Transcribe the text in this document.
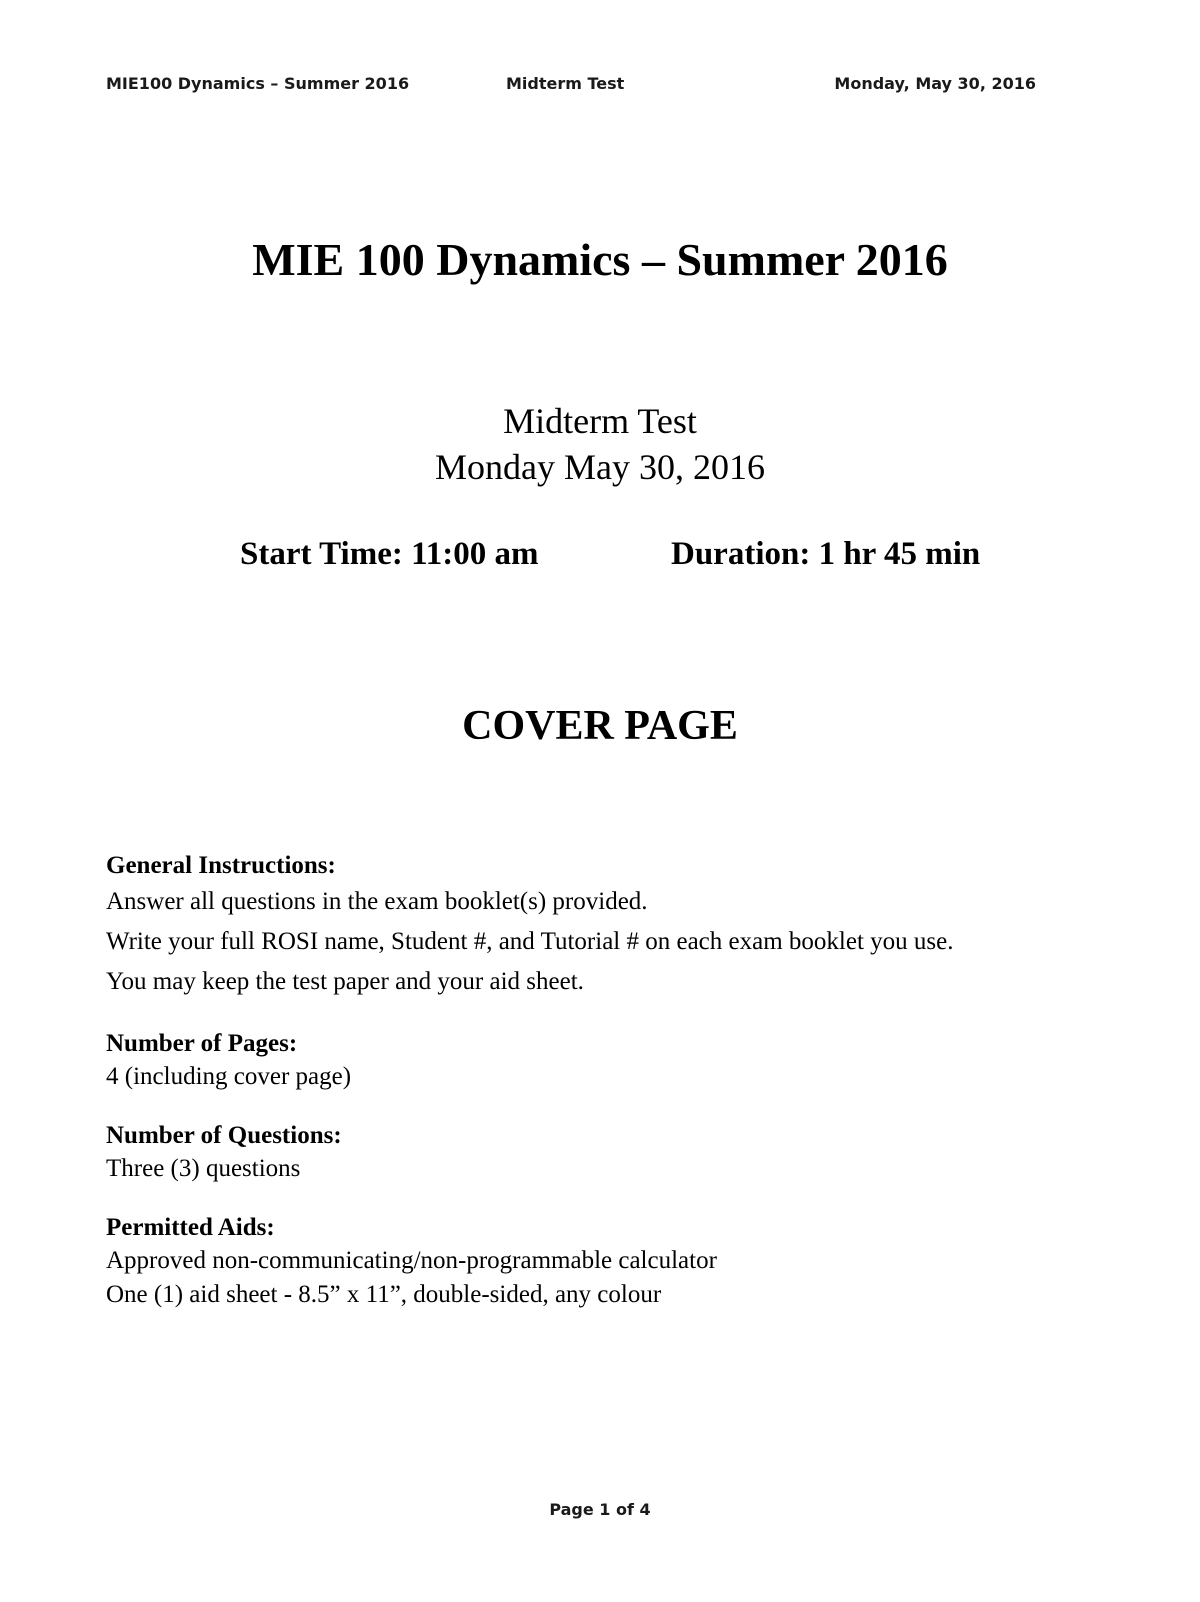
MIE100 Dynamics – Summer 2016	Midterm Test	Monday, May 30, 2016
MIE 100 Dynamics – Summer 2016
Midterm Test
Monday May 30, 2016
Start Time: 11:00 am	Duration: 1 hr 45 min
COVER PAGE
General Instructions:
Answer all questions in the exam booklet(s) provided.
Write your full ROSI name, Student #, and Tutorial # on each exam booklet you use.
You may keep the test paper and your aid sheet.
Number of Pages:
4 (including cover page)
Number of Questions:
Three (3) questions
Permitted Aids:
Approved non-communicating/non-programmable calculator
One (1) aid sheet - 8.5” x 11”, double-sided, any colour
Page 1 of 4
